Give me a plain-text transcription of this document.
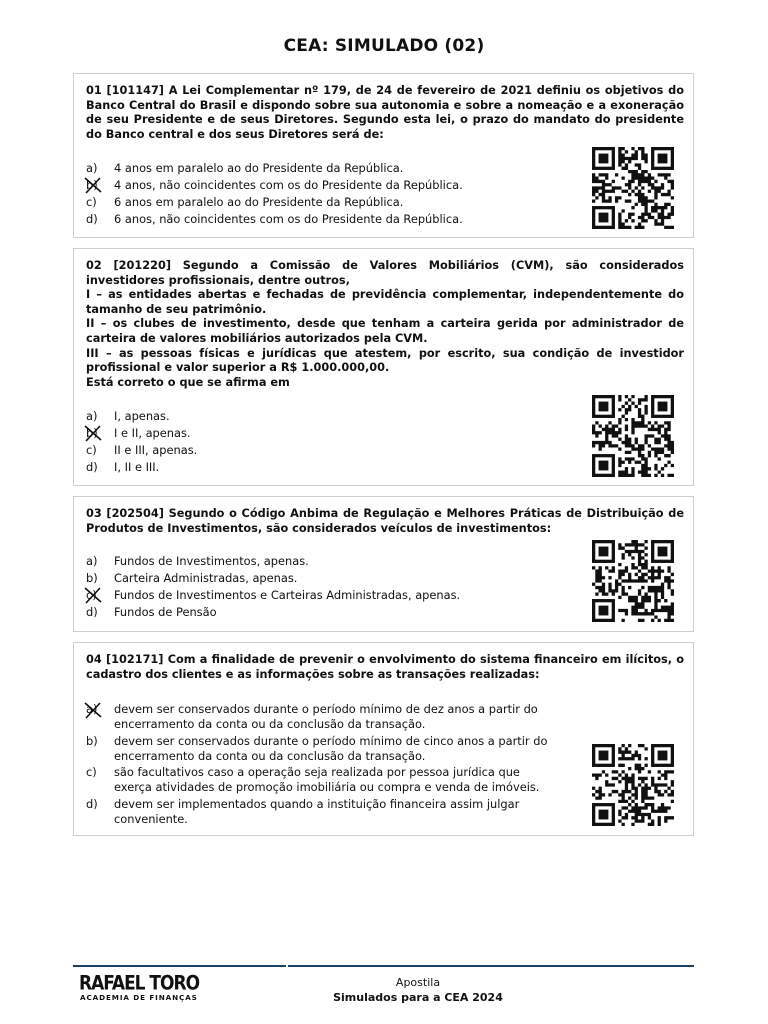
CEA: SIMULADO (02)

01 [101147] A Lei Complementar nº 179, de 24 de fevereiro de 2021 definiu os objetivos do Banco Central do Brasil e dispondo sobre sua autonomia e sobre a nomeação e a exoneração de seu Presidente e de seus Diretores. Segundo esta lei, o prazo do mandato do presidente do Banco central e dos seus Diretores será de:

a) 4 anos em paralelo ao do Presidente da República.
b) 4 anos, não coincidentes com os do Presidente da República.
c) 6 anos em paralelo ao do Presidente da República.
d) 6 anos, não coincidentes com os do Presidente da República.

02 [201220] Segundo a Comissão de Valores Mobiliários (CVM), são considerados investidores profissionais, dentre outros,

I – as entidades abertas e fechadas de previdência complementar, independentemente do tamanho de seu patrimônio.

II – os clubes de investimento, desde que tenham a carteira gerida por administrador de carteira de valores mobiliários autorizados pela CVM.

III – as pessoas físicas e jurídicas que atestem, por escrito, sua condição de investidor profissional e valor superior a R$ 1.000.000,00.

Está correto o que se afirma em

a) I, apenas.
b) I e II, apenas.
c) II e III, apenas.
d) I, II e III.

03 [202504] Segundo o Código Anbima de Regulação e Melhores Práticas de Distribuição de Produtos de Investimentos, são considerados veículos de investimentos:

a) Fundos de Investimentos, apenas.
b) Carteira Administradas, apenas.
c) Fundos de Investimentos e Carteiras Administradas, apenas.
d) Fundos de Pensão

04 [102171] Com a finalidade de prevenir o envolvimento do sistema financeiro em ilícitos, o cadastro dos clientes e as informações sobre as transações realizadas:

a) devem ser conservados durante o período mínimo de dez anos a partir do encerramento da conta ou da conclusão da transação.
b) devem ser conservados durante o período mínimo de cinco anos a partir do encerramento da conta ou da conclusão da transação.
c) são facultativos caso a operação seja realizada por pessoa jurídica que exerça atividades de promoção imobiliária ou compra e venda de imóveis.
d) devem ser implementados quando a instituição financeira assim julgar conveniente.
RAFAEL TORO
ACADEMIA DE FINANÇAS
Apostila
Simulados para a CEA 2024
